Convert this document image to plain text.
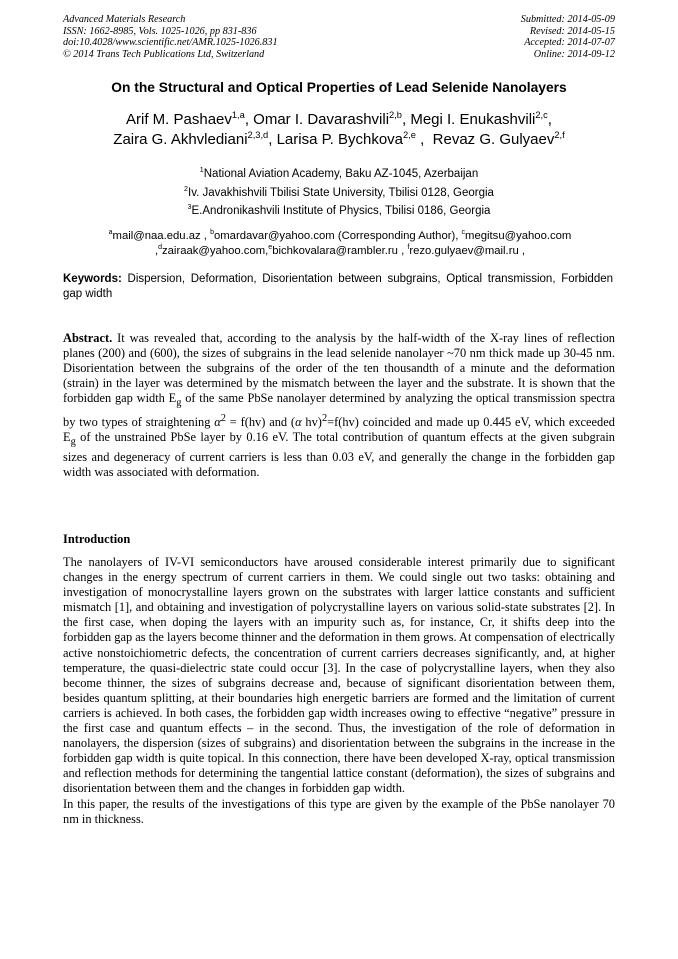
Advanced Materials Research
ISSN: 1662-8985, Vols. 1025-1026, pp 831-836
doi:10.4028/www.scientific.net/AMR.1025-1026.831
© 2014 Trans Tech Publications Ltd, Switzerland
Submitted: 2014-05-09
Revised: 2014-05-15
Accepted: 2014-07-07
Online: 2014-09-12
On the Structural and Optical Properties of Lead Selenide Nanolayers
Arif M. Pashaev$^{1,a}$, Omar I. Davarashvili$^{2,b}$, Megi I. Enukashvili$^{2,c}$,
Zaira G. Akhvlediani$^{2,3,d}$, Larisa P. Bychkova$^{2,e}$ ,  Revaz G. Gulyaev$^{2,f}$
$^1$National Aviation Academy, Baku AZ-1045, Azerbaijan
$^2$Iv. Javakhishvili Tbilisi State University, Tbilisi 0128, Georgia
$^3$E.Andronikashvili Institute of Physics, Tbilisi 0186, Georgia
$^a$mail@naa.edu.az , $^b$omardavar@yahoo.com (Corresponding Author), $^c$megitsu@yahoo.com
,$^d$zairaak@yahoo.com,$^e$bichkovalara@rambler.ru , $^f$rezo.gulyaev@mail.ru ,
Keywords: Dispersion, Deformation, Disorientation between subgrains, Optical transmission, Forbidden gap width
Abstract. It was revealed that, according to the analysis by the half-width of the X-ray lines of reflection planes (200) and (600), the sizes of subgrains in the lead selenide nanolayer ~70 nm thick made up 30-45 nm. Disorientation between the subgrains of the order of the ten thousandth of a minute and the deformation (strain) in the layer was determined by the mismatch between the layer and the substrate. It is shown that the forbidden gap width $E_g$ of the same PbSe nanolayer determined by analyzing the optical transmission spectra by two types of straightening $\alpha^2 = f(hv)$ and (α hv)$^2$=f(hv) coincided and made up 0.445 eV, which exceeded $E_g$ of the unstrained PbSe layer by 0.16 eV. The total contribution of quantum effects at the given subgrain sizes and degeneracy of current carriers is less than 0.03 eV, and generally the change in the forbidden gap width was associated with deformation.
Introduction

The nanolayers of IV-VI semiconductors have aroused considerable interest primarily due to significant changes in the energy spectrum of current carriers in them. We could single out two tasks: obtaining and investigation of monocrystalline layers grown on the substrates with larger lattice constants and sufficient mismatch [1], and obtaining and investigation of polycrystalline layers on various solid-state substrates [2]. In the first case, when doping the layers with an impurity such as, for instance, Cr, it shifts deep into the forbidden gap as the layers become thinner and the deformation in them grows. At compensation of electrically active nonstoichiometric defects, the concentration of current carriers decreases significantly, and, at higher temperature, the quasi-dielectric state could occur [3]. In the case of polycrystalline layers, when they also become thinner, the sizes of subgrains decrease and, because of significant disorientation between them, besides quantum splitting, at their boundaries high energetic barriers are formed and the limitation of current carriers is achieved. In both cases, the forbidden gap width increases owing to effective “negative” pressure in the first case and quantum effects – in the second. Thus, the investigation of the role of deformation in nanolayers, the dispersion (sizes of subgrains) and disorientation between the subgrains in the increase in the forbidden gap width is quite topical. In this connection, there have been developed X-ray, optical transmission and reflection methods for determining the tangential lattice constant (deformation), the sizes of subgrains and disorientation between them and the changes in forbidden gap width.

In this paper, the results of the investigations of this type are given by the example of the PbSe nanolayer 70 nm in thickness.
